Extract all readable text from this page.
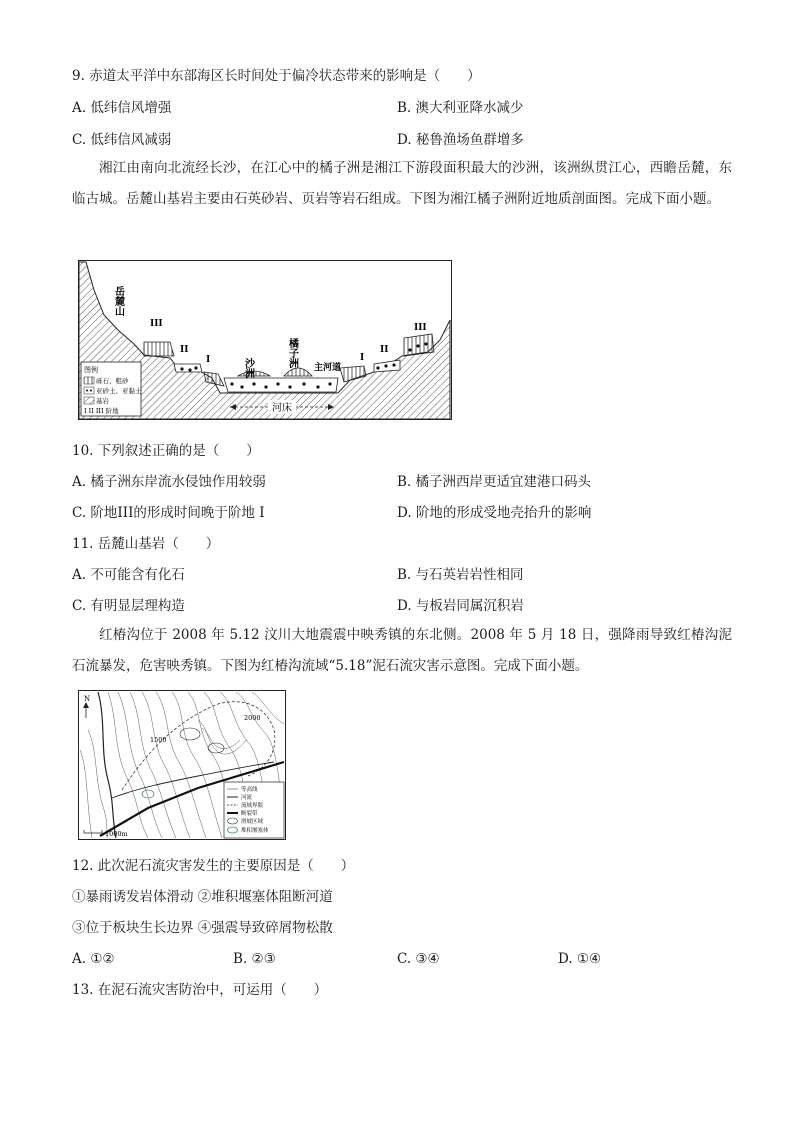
9. 赤道太平洋中东部海区长时间处于偏冷状态带来的影响是（　　）
A. 低纬信风增强	B. 澳大利亚降水减少
C. 低纬信风减弱	D. 秘鲁渔场鱼群增多
湘江由南向北流经长沙，在江心中的橘子洲是湘江下游段面积最大的沙洲，该洲纵贯江心，西瞻岳麓，东临古城。岳麓山基岩主要由石英砂岩、页岩等岩石组成。下图为湘江橘子洲附近地质剖面图。完成下面小题。
河床
岳麓山
III
II
I	沙洲	橘子洲 主河道
I
II
III
图例
砾石、粗砂
亚砂土、亚黏土
基岩
I II III 阶地
10. 下列叙述正确的是（　　）
A. 橘子洲东岸流水侵蚀作用较弱	B. 橘子洲西岸更适宜建港口码头
C. 阶地III的形成时间晚于阶地 I	D. 阶地的形成受地壳抬升的影响
11. 岳麓山基岩（　　）
A. 不可能含有化石	B. 与石英岩岩性相同
C. 有明显层理构造	D. 与板岩同属沉积岩
红椿沟位于 2008 年 5.12 汶川大地震震中映秀镇的东北侧。2008 年 5 月 18 日，强降雨导致红椿沟泥石流暴发，危害映秀镇。下图为红椿沟流域“5.18”泥石流灾害示意图。完成下面小题。
N
1500
2000
1000m
等高线
河流
流域界限
断裂带
滑坡区域
堆积堰塞体
12. 此次泥石流灾害发生的主要原因是（　　）
①暴雨诱发岩体滑动 ②堆积堰塞体阻断河道
③位于板块生长边界 ④强震导致碎屑物松散
A. ①②	B. ②③	C. ③④	D. ①④
13. 在泥石流灾害防治中，可运用（　　）
